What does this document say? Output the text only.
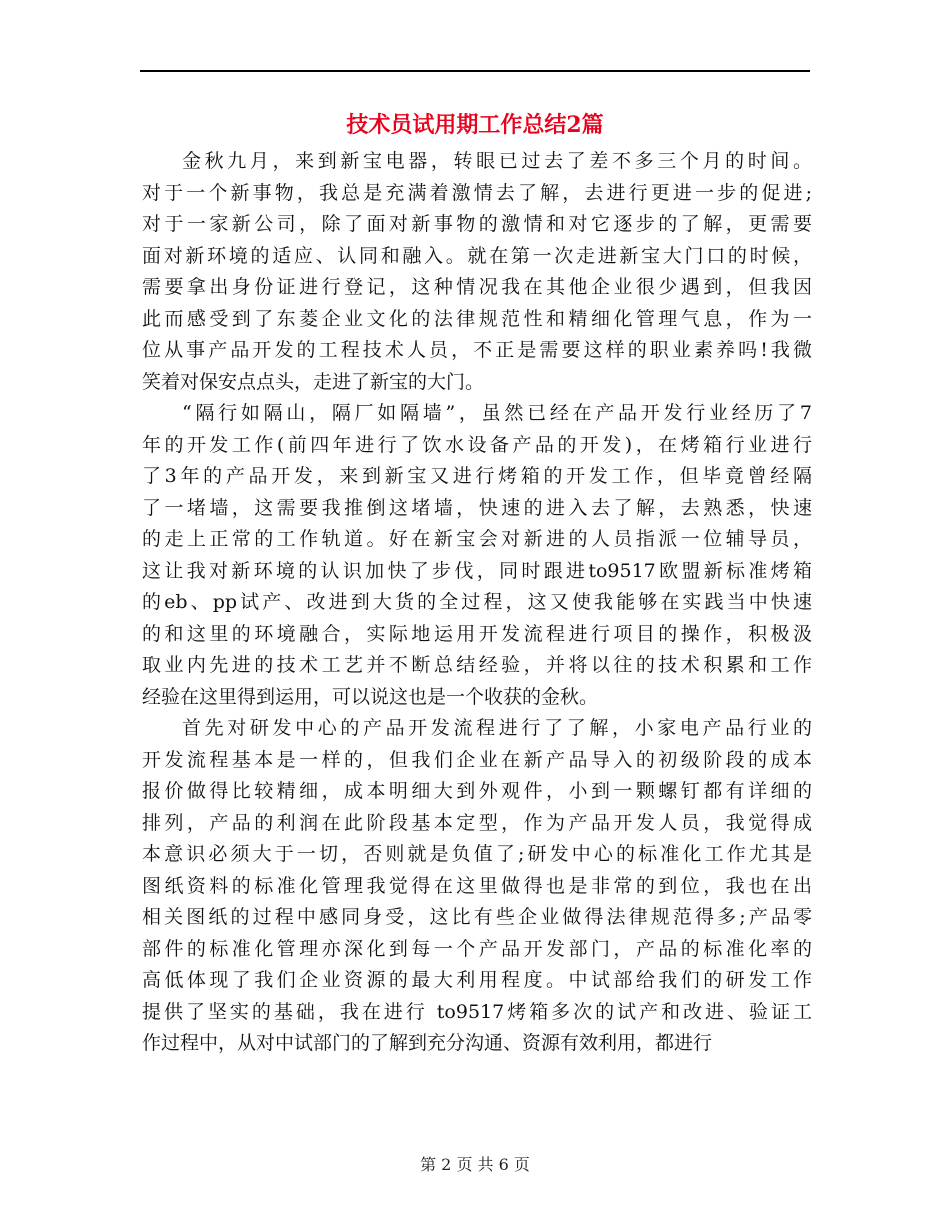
技术员试用期工作总结2篇
金秋九月，来到新宝电器，转眼已过去了差不多三个月的时间。
对于一个新事物，我总是充满着激情去了解，去进行更进一步的促进;
对于一家新公司，除了面对新事物的激情和对它逐步的了解，更需要
面对新环境的适应、认同和融入。就在第一次走进新宝大门口的时候，
需要拿出身份证进行登记，这种情况我在其他企业很少遇到，但我因
此而感受到了东菱企业文化的法律规范性和精细化管理气息，作为一
位从事产品开发的工程技术人员，不正是需要这样的职业素养吗!我微
笑着对保安点点头，走进了新宝的大门。
“隔行如隔山，隔厂如隔墙”，虽然已经在产品开发行业经历了7
年的开发工作(前四年进行了饮水设备产品的开发)，在烤箱行业进行
了3年的产品开发，来到新宝又进行烤箱的开发工作，但毕竟曾经隔
了一堵墙，这需要我推倒这堵墙，快速的进入去了解，去熟悉，快速
的走上正常的工作轨道。好在新宝会对新进的人员指派一位辅导员，
这让我对新环境的认识加快了步伐，同时跟进to9517欧盟新标准烤箱
的eb、pp试产、改进到大货的全过程，这又使我能够在实践当中快速
的和这里的环境融合，实际地运用开发流程进行项目的操作，积极汲
取业内先进的技术工艺并不断总结经验，并将以往的技术积累和工作
经验在这里得到运用，可以说这也是一个收获的金秋。
首先对研发中心的产品开发流程进行了了解，小家电产品行业的
开发流程基本是一样的，但我们企业在新产品导入的初级阶段的成本
报价做得比较精细，成本明细大到外观件，小到一颗螺钉都有详细的
排列，产品的利润在此阶段基本定型，作为产品开发人员，我觉得成
本意识必须大于一切，否则就是负值了;研发中心的标准化工作尤其是
图纸资料的标准化管理我觉得在这里做得也是非常的到位，我也在出
相关图纸的过程中感同身受，这比有些企业做得法律规范得多;产品零
部件的标准化管理亦深化到每一个产品开发部门，产品的标准化率的
高低体现了我们企业资源的最大利用程度。中试部给我们的研发工作
提供了坚实的基础，我在进行 to9517烤箱多次的试产和改进、验证工
作过程中，从对中试部门的了解到充分沟通、资源有效利用，都进行

第 2 页 共 6 页
